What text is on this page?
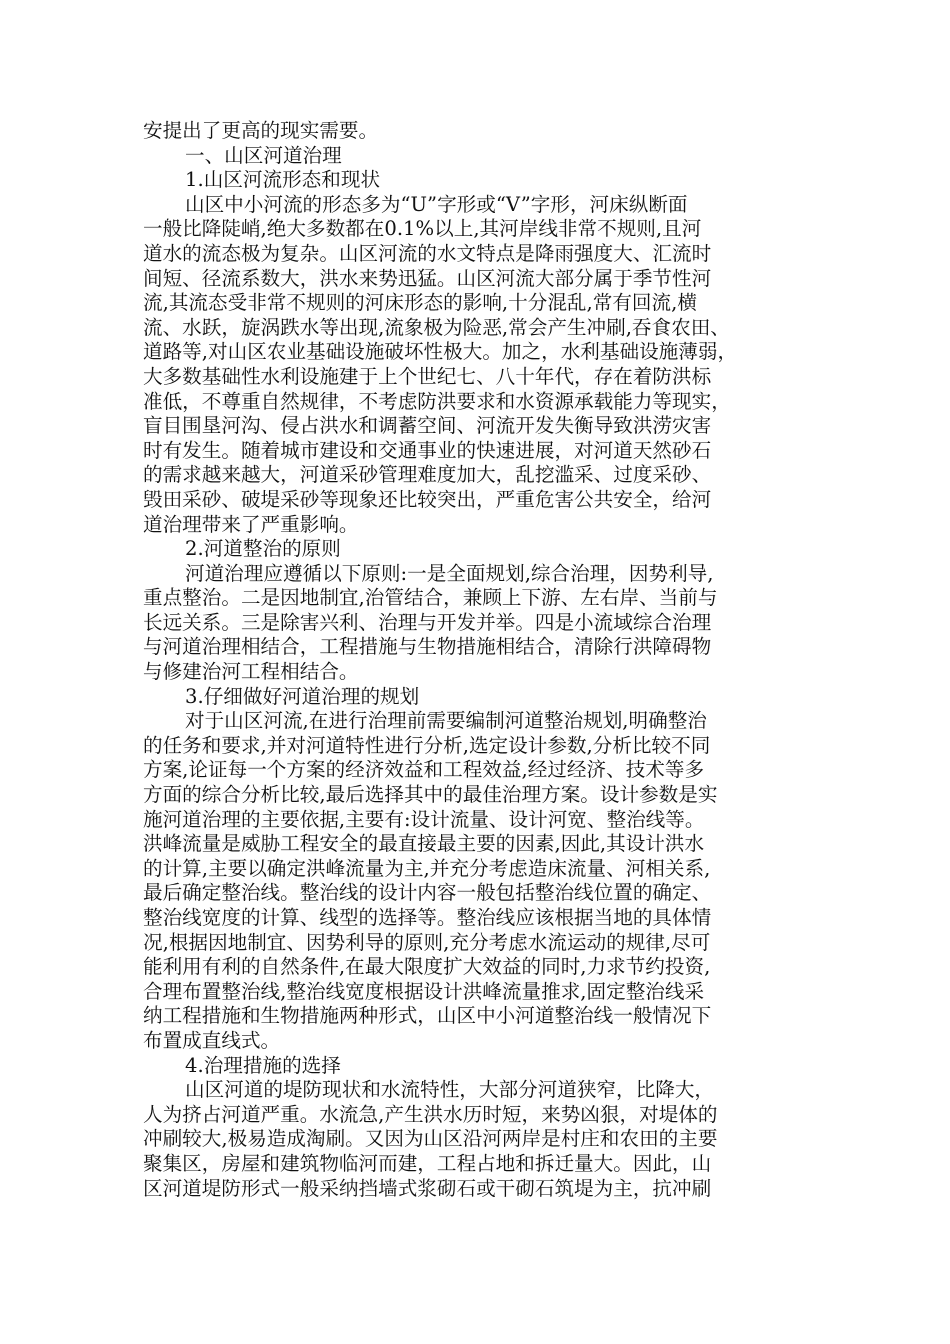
安提出了更高的现实需要。
一、山区河道治理
1.山区河流形态和现状
山区中小河流的形态多为“U”字形或“V”字形，河床纵断面
一般比降陡峭,绝大多数都在0.1%以上,其河岸线非常不规则,且河
道水的流态极为复杂。山区河流的水文特点是降雨强度大、汇流时
间短、径流系数大，洪水来势迅猛。山区河流大部分属于季节性河
流,其流态受非常不规则的河床形态的影响,十分混乱,常有回流,横
流、水跃，旋涡跌水等出现,流象极为险恶,常会产生冲刷,吞食农田、
道路等,对山区农业基础设施破坏性极大。加之，水利基础设施薄弱，
大多数基础性水利设施建于上个世纪七、八十年代，存在着防洪标
准低，不尊重自然规律，不考虑防洪要求和水资源承载能力等现实，
盲目围垦河沟、侵占洪水和调蓄空间、河流开发失衡导致洪涝灾害
时有发生。随着城市建设和交通事业的快速进展，对河道天然砂石
的需求越来越大，河道采砂管理难度加大，乱挖滥采、过度采砂、
毁田采砂、破堤采砂等现象还比较突出，严重危害公共安全，给河
道治理带来了严重影响。
2.河道整治的原则
河道治理应遵循以下原则:一是全面规划,综合治理，因势利导,
重点整治。二是因地制宜,治管结合，兼顾上下游、左右岸、当前与
长远关系。三是除害兴利、治理与开发并举。四是小流域综合治理
与河道治理相结合，工程措施与生物措施相结合，清除行洪障碍物
与修建治河工程相结合。
3.仔细做好河道治理的规划
对于山区河流,在进行治理前需要编制河道整治规划,明确整治
的任务和要求,并对河道特性进行分析,选定设计参数,分析比较不同
方案,论证每一个方案的经济效益和工程效益,经过经济、技术等多
方面的综合分析比较,最后选择其中的最佳治理方案。设计参数是实
施河道治理的主要依据,主要有:设计流量、设计河宽、整治线等。
洪峰流量是威胁工程安全的最直接最主要的因素,因此,其设计洪水
的计算,主要以确定洪峰流量为主,并充分考虑造床流量、河相关系,
最后确定整治线。整治线的设计内容一般包括整治线位置的确定、
整治线宽度的计算、线型的选择等。整治线应该根据当地的具体情
况,根据因地制宜、因势利导的原则,充分考虑水流运动的规律,尽可
能利用有利的自然条件,在最大限度扩大效益的同时,力求节约投资,
合理布置整治线,整治线宽度根据设计洪峰流量推求,固定整治线采
纳工程措施和生物措施两种形式，山区中小河道整治线一般情况下
布置成直线式。
4.治理措施的选择
山区河道的堤防现状和水流特性，大部分河道狭窄，比降大，
人为挤占河道严重。水流急,产生洪水历时短，来势凶狠，对堤体的
冲刷较大,极易造成淘刷。又因为山区沿河两岸是村庄和农田的主要
聚集区，房屋和建筑物临河而建，工程占地和拆迁量大。因此，山
区河道堤防形式一般采纳挡墙式浆砌石或干砌石筑堤为主，抗冲刷
